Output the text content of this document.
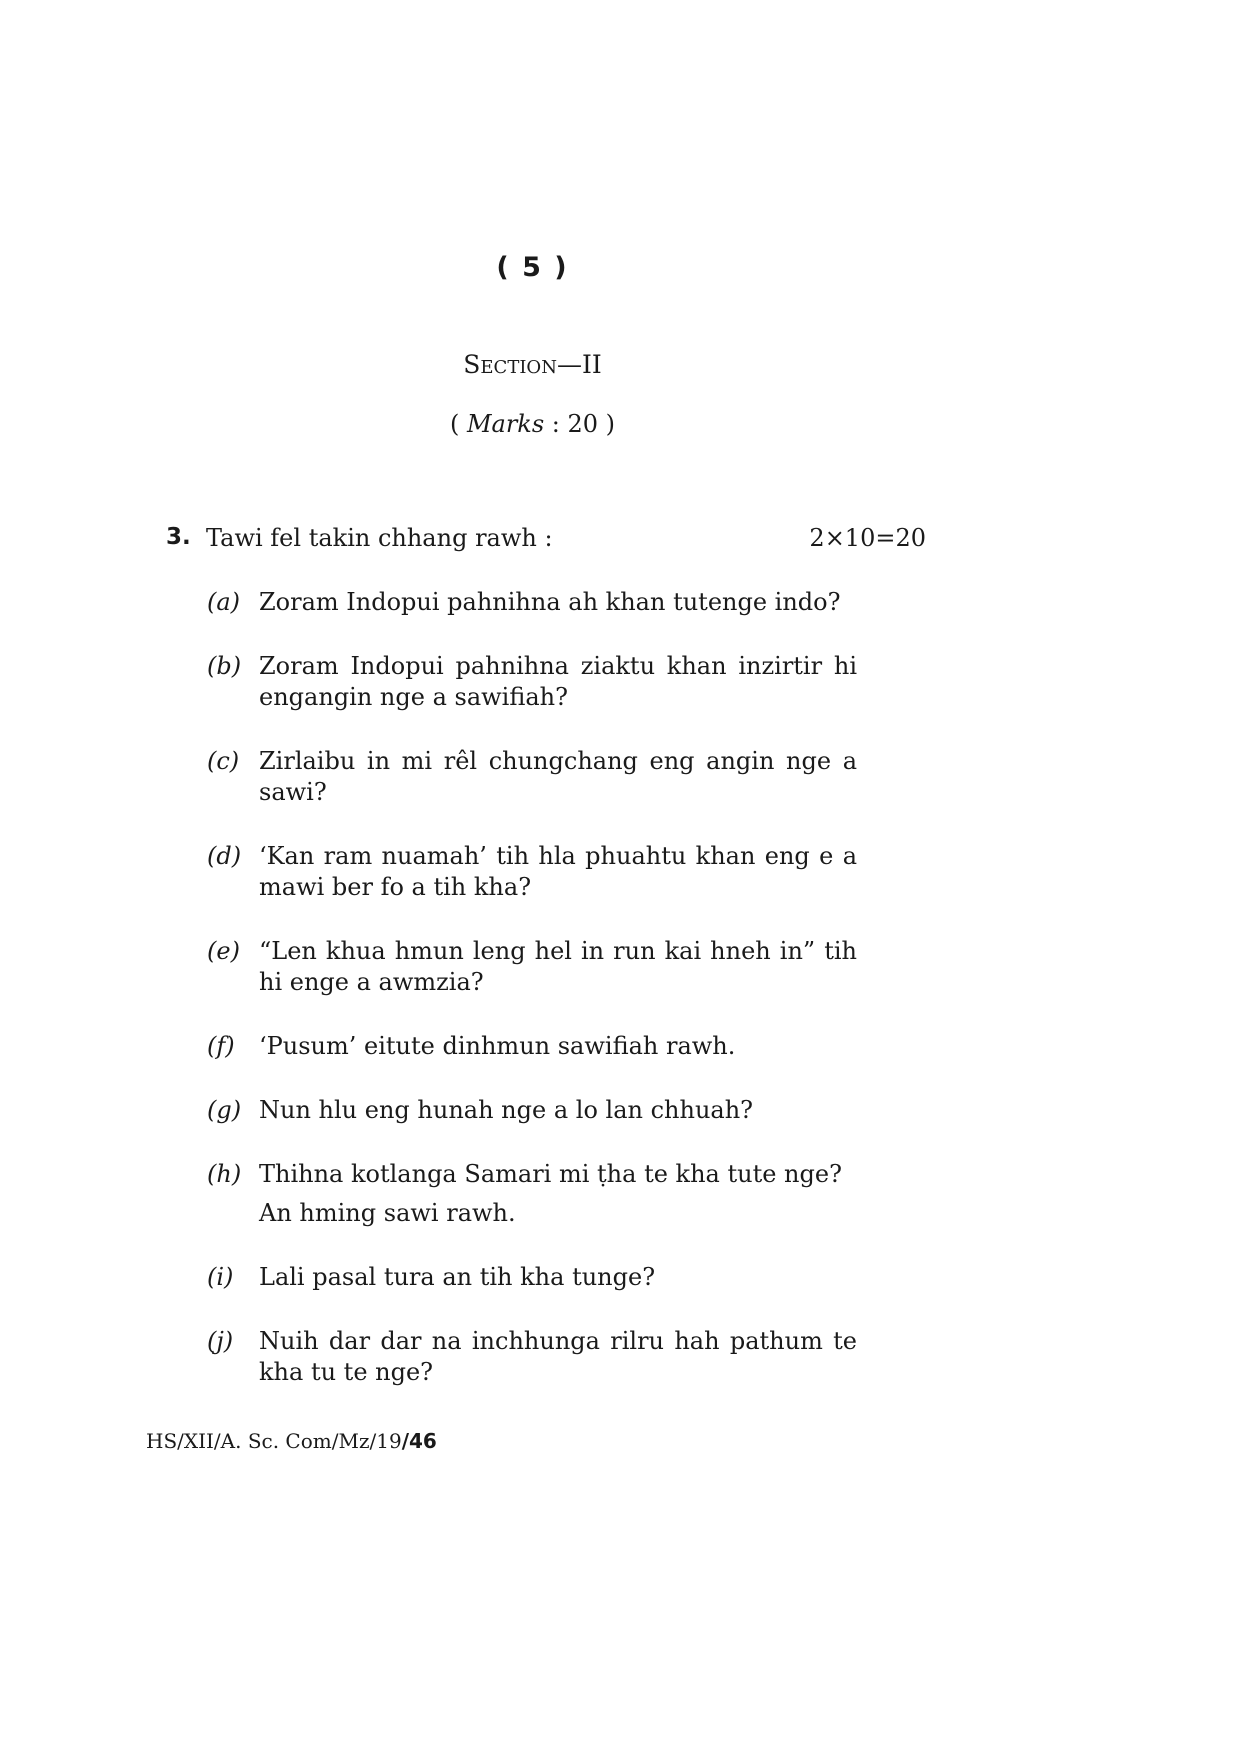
( 5 )
Section—II
( Marks : 20 )
3. Tawi fel takin chhang rawh :	2×10=20
(a) Zoram Indopui pahnihna ah khan tutenge indo?
(b) Zoram Indopui pahnihna ziaktu khan inzirtir hi engangin nge a sawifiah?
(c) Zirlaibu in mi rêl chungchang eng angin nge a sawi?
(d) ‘Kan ram nuamah’ tih hla phuahtu khan eng e a mawi ber fo a tih kha?
(e) “Len khua hmun leng hel in run kai hneh in” tih hi enge a awmzia?
(f) ‘Pusum’ eitute dinhmun sawifiah rawh.
(g) Nun hlu eng hunah nge a lo lan chhuah?
(h) Thihna kotlanga Samari mi ṭha te kha tute nge?
An hming sawi rawh.
(i) Lali pasal tura an tih kha tunge?
(j) Nuih dar dar na inchhunga rilru hah pathum te kha tu te nge?
HS/XII/A. Sc. Com/Mz/19/46
